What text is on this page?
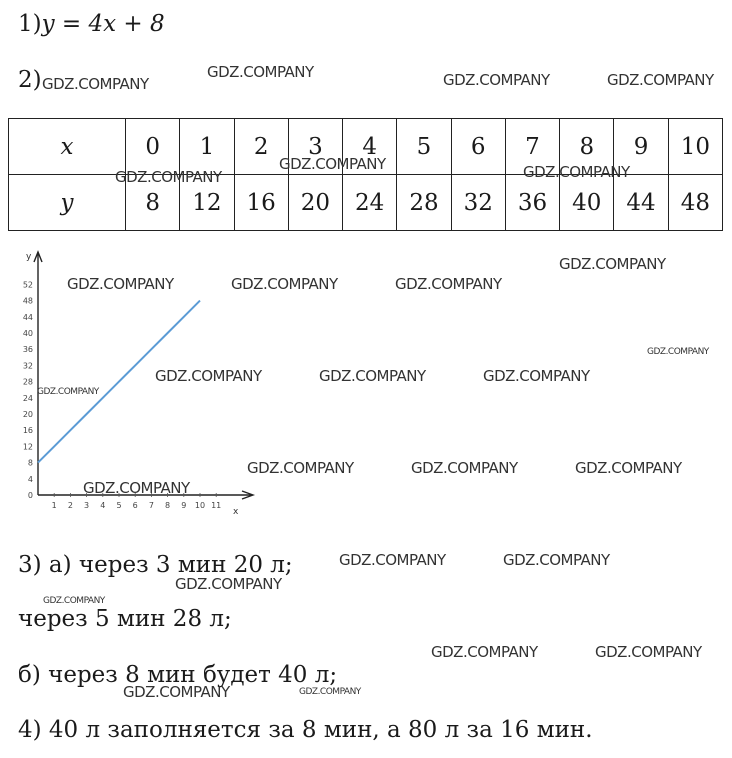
1)y = 4x + 8
2)
x	0	1	2	3	4	5	6	7	8	9	10
y	8	12	16	20	24	28	32	36	40	44	48
y
x
0
4
8
12
16
20
24
28
32
36
40
44
48
52
1 2 3 4 5 6 7 8 9 10 11
3) а) через 3 мин 20 л;
через 5 мин 28 л;
б) через 8 мин будет 40 л;
4) 40 л заполняется за 8 мин, а 80 л за 16 мин.
GDZ.COMPANY
GDZ.COMPANY	GDZ.COMPANY	GDZ.COMPANY
GDZ.COMPANY
GDZ.COMPANY	GDZ.COMPANY
GDZ.COMPANY	GDZ.COMPANY	GDZ.COMPANY
GDZ.COMPANY
GDZ.COMPANY
GDZ.COMPANY
GDZ.COMPANY	GDZ.COMPANY	GDZ.COMPANY
GDZ.COMPANY	GDZ.COMPANY	GDZ.COMPANY
GDZ.COMPANY
GDZ.COMPANY	GDZ.COMPANY
GDZ.COMPANY
GDZ.COMPANY
GDZ.COMPANY	GDZ.COMPANY
GDZ.COMPANY	GDZ.COMPANY
